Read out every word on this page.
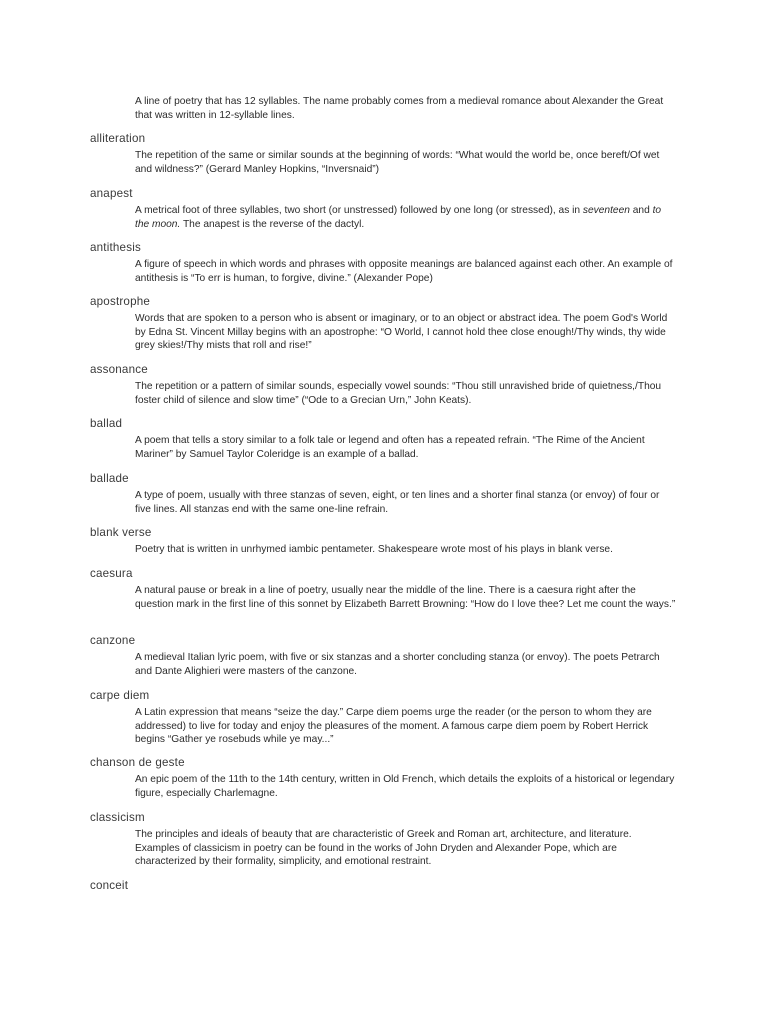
A line of poetry that has 12 syllables. The name probably comes from a medieval romance about Alexander the Great that was written in 12-syllable lines.
alliteration
The repetition of the same or similar sounds at the beginning of words: “What would the world be, once bereft/Of wet and wildness?” (Gerard Manley Hopkins, “Inversnaid”)
anapest
A metrical foot of three syllables, two short (or unstressed) followed by one long (or stressed), as in seventeen and to the moon. The anapest is the reverse of the dactyl.
antithesis
A figure of speech in which words and phrases with opposite meanings are balanced against each other. An example of antithesis is “To err is human, to forgive, divine.” (Alexander Pope)
apostrophe
Words that are spoken to a person who is absent or imaginary, or to an object or abstract idea. The poem God's World by Edna St. Vincent Millay begins with an apostrophe: “O World, I cannot hold thee close enough!/Thy winds, thy wide grey skies!/Thy mists that roll and rise!”
assonance
The repetition or a pattern of similar sounds, especially vowel sounds: “Thou still unravished bride of quietness,/Thou foster child of silence and slow time” (“Ode to a Grecian Urn,” John Keats).
ballad
A poem that tells a story similar to a folk tale or legend and often has a repeated refrain. “The Rime of the Ancient Mariner” by Samuel Taylor Coleridge is an example of a ballad.
ballade
A type of poem, usually with three stanzas of seven, eight, or ten lines and a shorter final stanza (or envoy) of four or five lines. All stanzas end with the same one-line refrain.
blank verse
Poetry that is written in unrhymed iambic pentameter. Shakespeare wrote most of his plays in blank verse.
caesura
A natural pause or break in a line of poetry, usually near the middle of the line. There is a caesura right after the question mark in the first line of this sonnet by Elizabeth Barrett Browning: “How do I love thee? Let me count the ways.”
canzone
A medieval Italian lyric poem, with five or six stanzas and a shorter concluding stanza (or envoy). The poets Petrarch and Dante Alighieri were masters of the canzone.
carpe diem
A Latin expression that means “seize the day.” Carpe diem poems urge the reader (or the person to whom they are addressed) to live for today and enjoy the pleasures of the moment. A famous carpe diem poem by Robert Herrick begins “Gather ye rosebuds while ye may...”
chanson de geste
An epic poem of the 11th to the 14th century, written in Old French, which details the exploits of a historical or legendary figure, especially Charlemagne.
classicism
The principles and ideals of beauty that are characteristic of Greek and Roman art, architecture, and literature. Examples of classicism in poetry can be found in the works of John Dryden and Alexander Pope, which are characterized by their formality, simplicity, and emotional restraint.
conceit
